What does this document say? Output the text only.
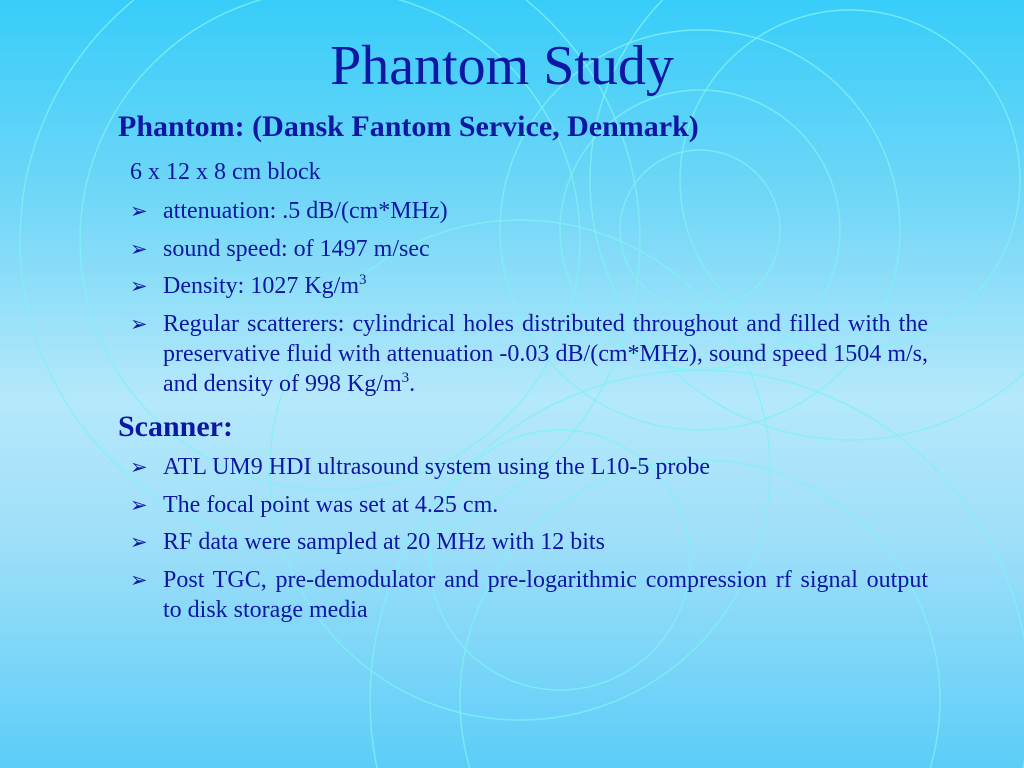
Phantom Study
Phantom: (Dansk Fantom Service, Denmark)
6 x 12 x 8 cm block
➢ attenuation: .5 dB/(cm*MHz)
➢ sound speed: of 1497 m/sec
➢ Density: 1027 $Kg/m^3$
➢ Regular scatterers: cylindrical holes distributed throughout and filled with the preservative fluid with attenuation -0.03 dB/(cm*MHz), sound speed 1504 m/s, and density of 998 $Kg/m^3$.
Scanner:
➢ ATL UM9 HDI ultrasound system using the L10-5 probe
➢ The focal point was set at 4.25 cm.
➢ RF data were sampled at 20 MHz with 12 bits
➢ Post TGC, pre-demodulator and pre-logarithmic compression rf signal output to disk storage media
